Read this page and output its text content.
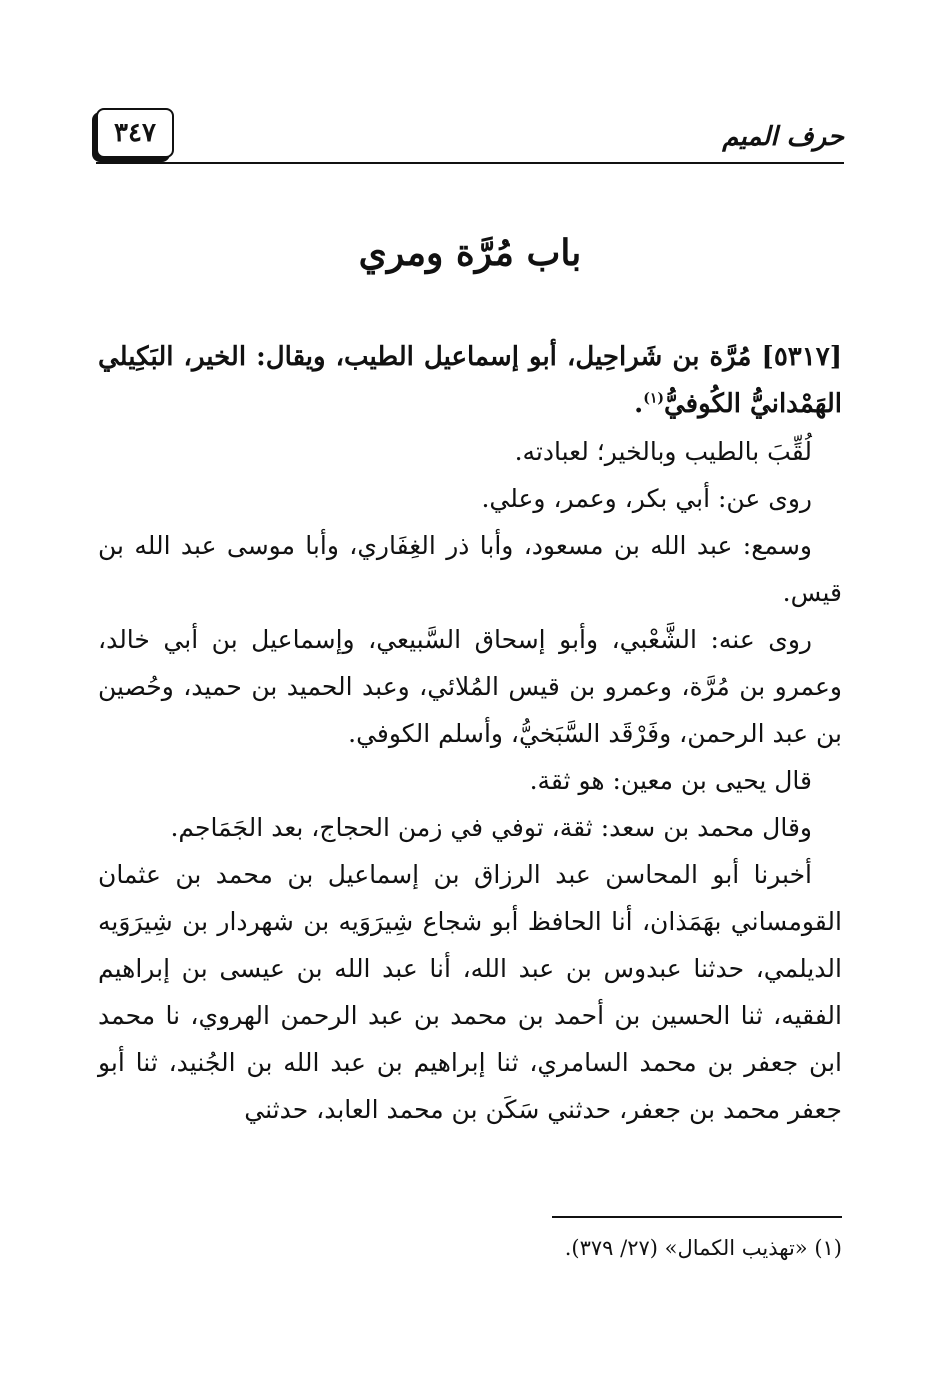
٣٤٧	حرف الميم
باب مُرَّة ومري

[٥٣١٧] مُرَّة بن شَراحِيل، أبو إسماعيل الطيب، ويقال: الخير، البَكِيلي الهَمْدانيُّ الكُوفيُّ$^{(١)}$.

لُقِّبَ بالطيب وبالخير؛ لعبادته.

روى عن: أبي بكر، وعمر، وعلي.

وسمع: عبد الله بن مسعود، وأبا ذر الغِفَاري، وأبا موسى عبد الله بن قيس.

روى عنه: الشَّعْبي، وأبو إسحاق السَّبيعي، وإسماعيل بن أبي خالد، وعمرو بن مُرَّة، وعمرو بن قيس المُلائي، وعبد الحميد بن حميد، وحُصين بن عبد الرحمن، وفَرْقَد السَّبَخيُّ، وأسلم الكوفي.

قال يحيى بن معين: هو ثقة.

وقال محمد بن سعد: ثقة، توفي في زمن الحجاج، بعد الجَمَاجم.

أخبرنا أبو المحاسن عبد الرزاق بن إسماعيل بن محمد بن عثمان القومساني بهَمَذان، أنا الحافظ أبو شجاع شِيرَوَيه بن شهردار بن شِيرَوَيه الديلمي، حدثنا عبدوس بن عبد الله، أنا عبد الله بن عيسى بن إبراهيم الفقيه، ثنا الحسين بن أحمد بن محمد بن عبد الرحمن الهروي، نا محمد ابن جعفر بن محمد السامري، ثنا إبراهيم بن عبد الله بن الجُنيد، ثنا أبو جعفر محمد بن جعفر، حدثني سَكَن بن محمد العابد، حدثني

(١) «تهذيب الكمال» (٢٧/ ٣٧٩).
